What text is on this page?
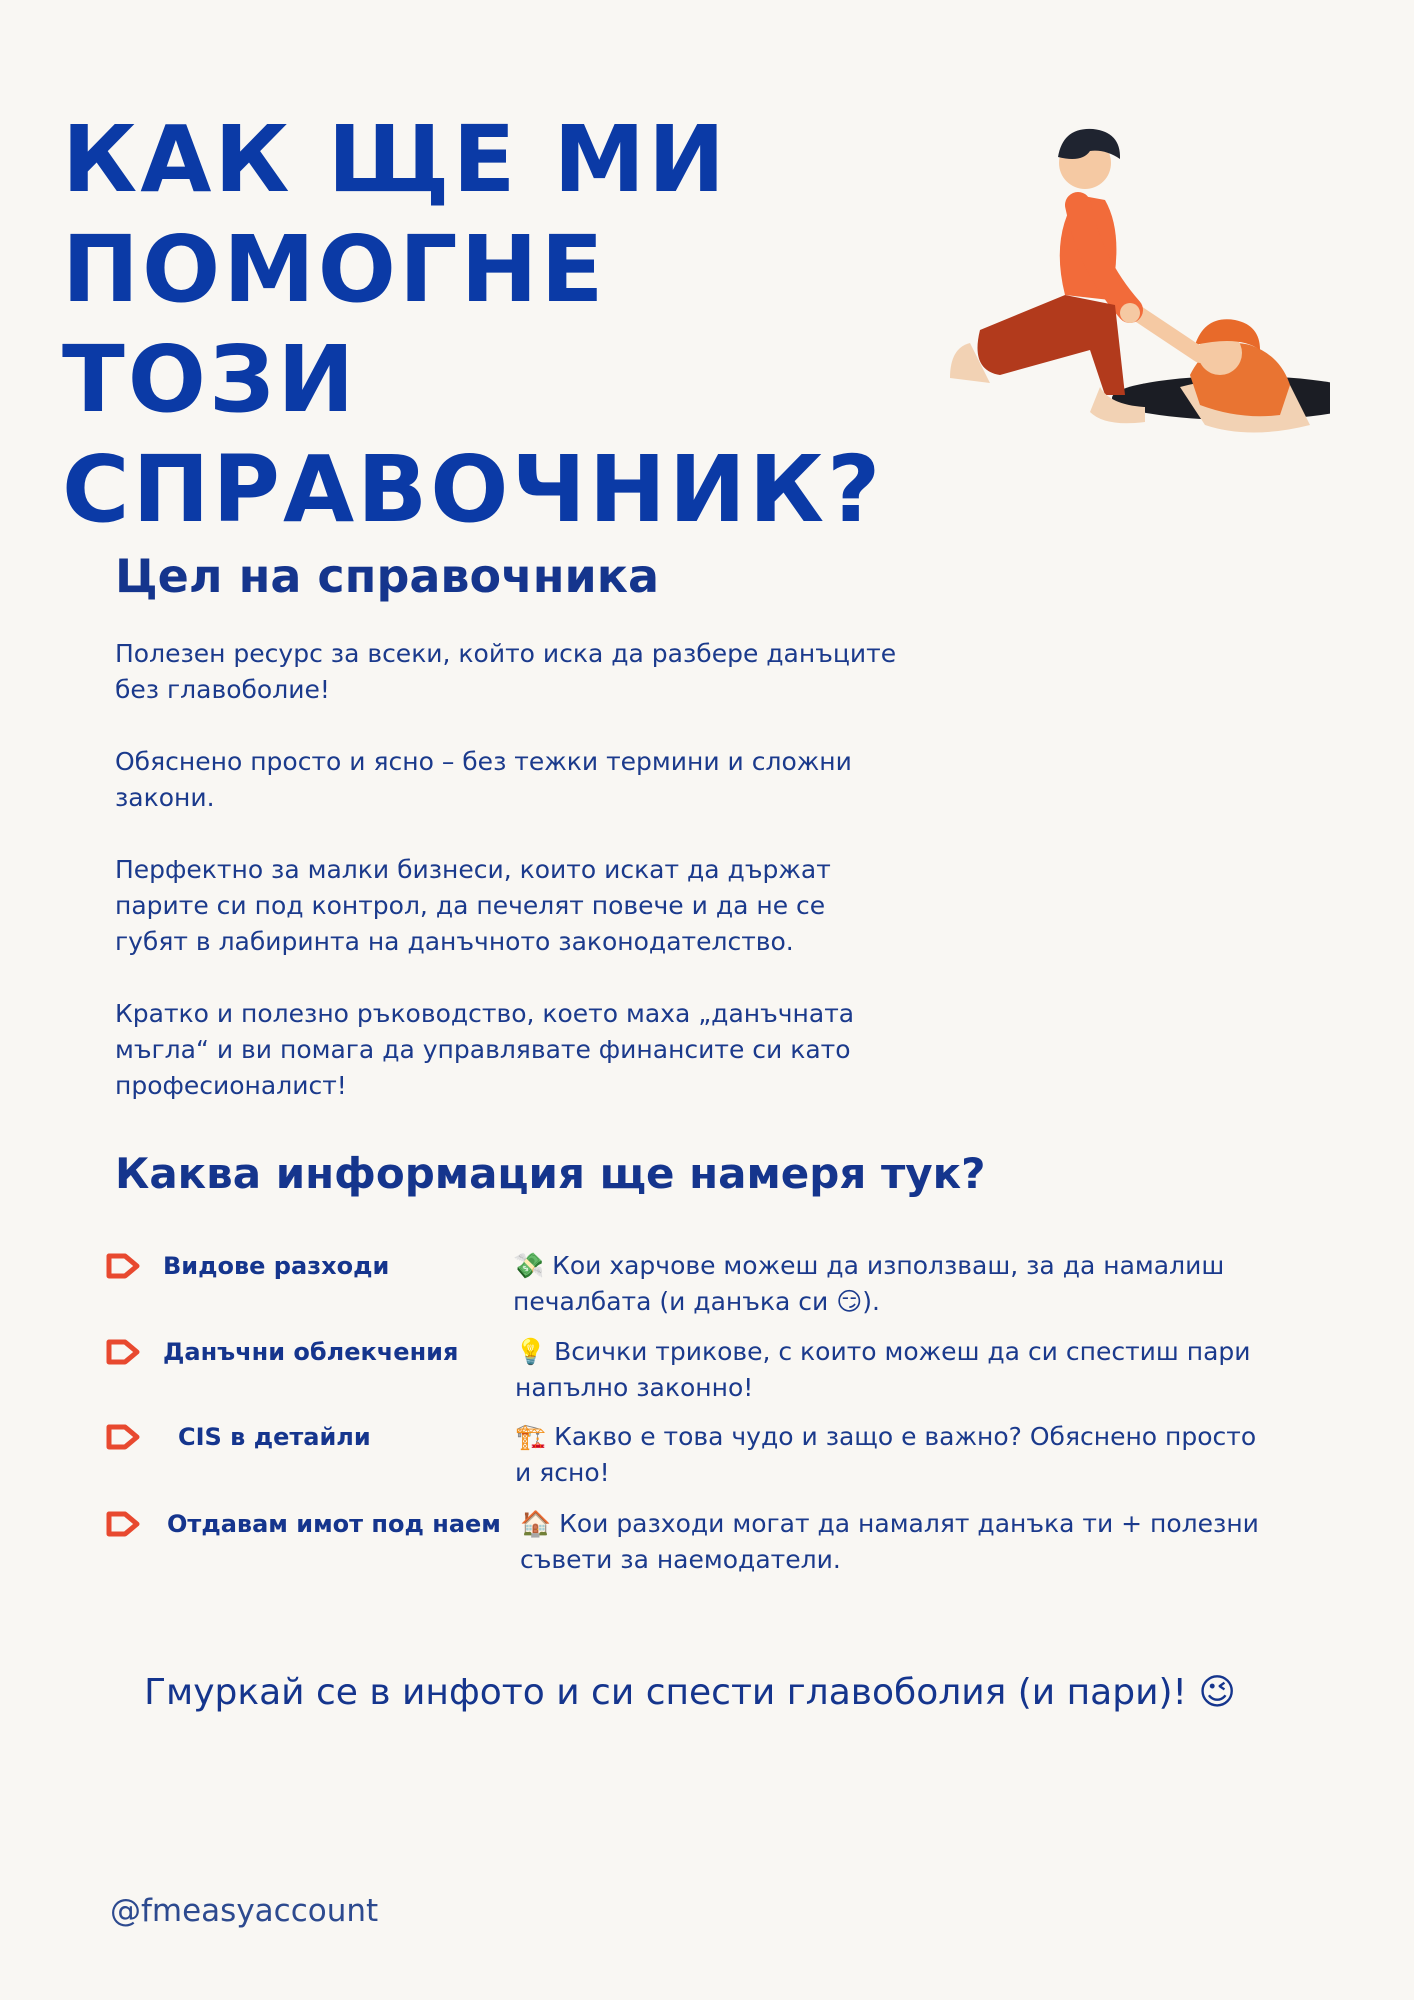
КАК ЩЕ МИ ПОМОГНЕ ТОЗИ СПРАВОЧНИК?
Цел на справочника

Полезен ресурс за всеки, който иска да разбере данъците без главоболие!

Обяснено просто и ясно – без тежки термини и сложни закони.

Перфектно за малки бизнеси, които искат да държат парите си под контрол, да печелят повече и да не се губят в лабиринта на данъчното законодателство.

Кратко и полезно ръководство, което маха „данъчната мъгла“ и ви помага да управлявате финансите си като професионалист!

Каква информация ще намеря тук?
Видове разходи	💸 Кои харчове можеш да използваш, за да намалиш печалбата (и данъка си 😏).
Данъчни облекчения 💡 Всички трикове, с които можеш да си спестиш пари напълно законно!
CIS в детайли	🏗️ Какво е това чудо и защо е важно? Обяснено просто и ясно!
Отдавам имот под наем 🏠 Кои разходи могат да намалят данъка ти + полезни съвети за наемодатели.
Гмуркай се в инфото и си спести главоболия (и пари)! 😉
@fmeasyaccount
